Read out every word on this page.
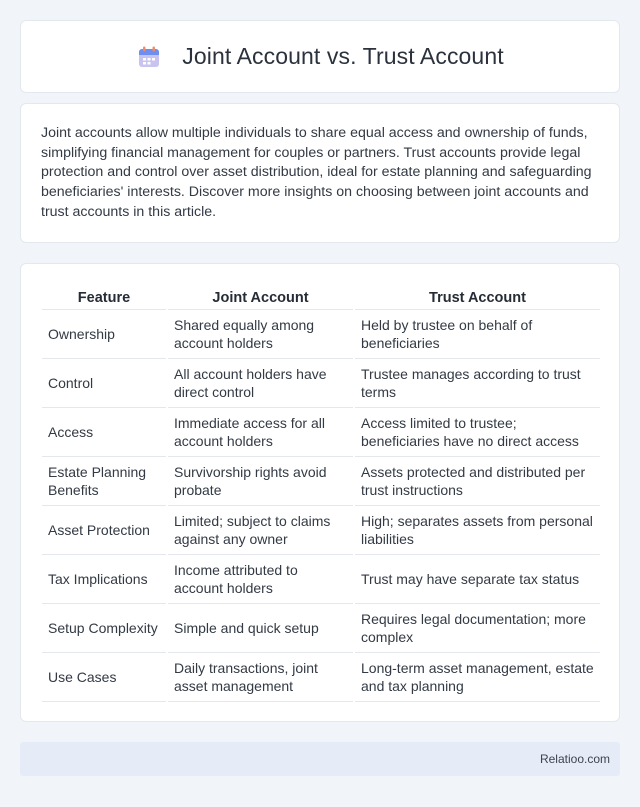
Joint Account vs. Trust Account

Joint accounts allow multiple individuals to share equal access and ownership of funds, simplifying financial management for couples or partners. Trust accounts provide legal protection and control over asset distribution, ideal for estate planning and safeguarding beneficiaries' interests. Discover more insights on choosing between joint accounts and trust accounts in this article.

Feature	Joint Account	Trust Account
Ownership	Shared equally among account holders	Held by trustee on behalf of beneficiaries
Control	All account holders have direct control	Trustee manages according to trust terms
Access	Immediate access for all account holders	Access limited to trustee; beneficiaries have no direct access
Estate Planning Benefits	Survivorship rights avoid probate	Assets protected and distributed per trust instructions
Asset Protection	Limited; subject to claims against any owner	High; separates assets from personal liabilities
Tax Implications	Income attributed to account holders	Trust may have separate tax status
Setup Complexity	Simple and quick setup	Requires legal documentation; more complex
Use Cases	Daily transactions, joint asset management	Long-term asset management, estate and tax planning
Relatioo.com
